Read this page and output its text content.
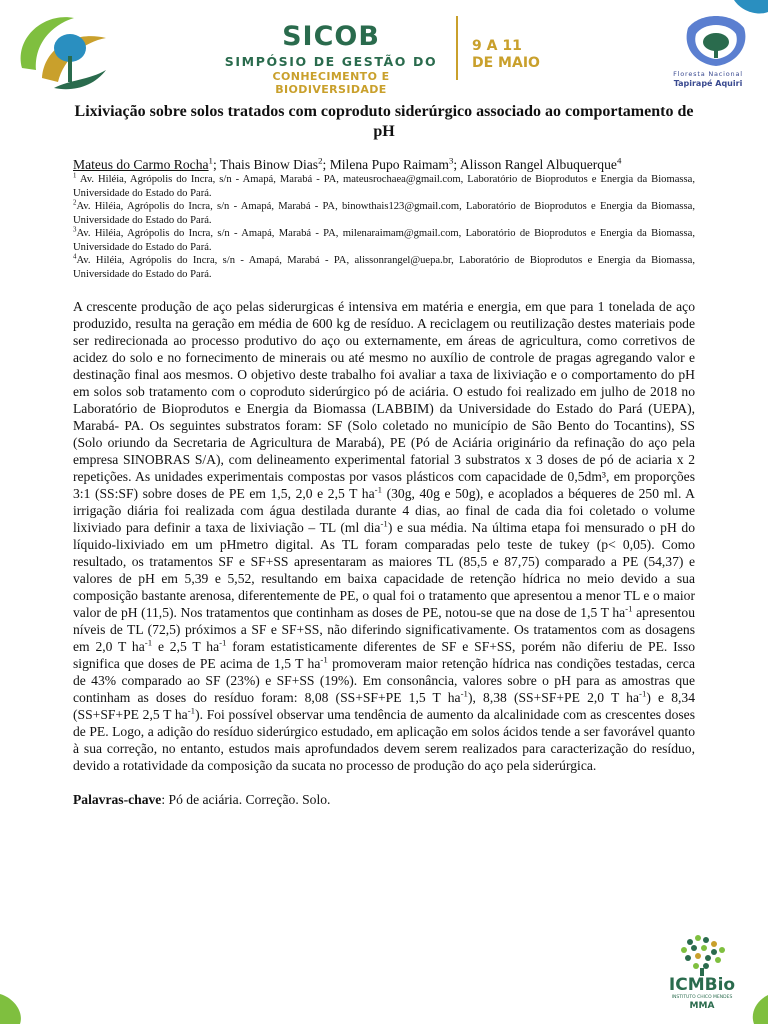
SICOB
SIMPÓSIO DE GESTÃO DO
CONHECIMENTO E BIODIVERSIDADE
9 A 11
DE MAIO
Floresta Nacional
Tapirapé Aquiri
Lixiviação sobre solos tratados com coproduto siderúrgico associado ao comportamento de pH
Mateus do Carmo Rocha$^1$; Thais Binow Dias$^2$; Milena Pupo Raimam$^3$; Alisson Rangel Albuquerque$^4$
$^1$ Av. Hiléia, Agrópolis do Incra, s/n - Amapá, Marabá - PA, mateusrochaea@gmail.com, Laboratório de Bioprodutos e Energia da Biomassa, Universidade do Estado do Pará.
$^2$Av. Hiléia, Agrópolis do Incra, s/n - Amapá, Marabá - PA, binowthais123@gmail.com, Laboratório de Bioprodutos e Energia da Biomassa, Universidade do Estado do Pará.
$^3$Av. Hiléia, Agrópolis do Incra, s/n - Amapá, Marabá - PA, milenaraimam@gmail.com, Laboratório de Bioprodutos e Energia da Biomassa, Universidade do Estado do Pará.
$^4$Av. Hiléia, Agrópolis do Incra, s/n - Amapá, Marabá - PA, alissonrangel@uepa.br, Laboratório de Bioprodutos e Energia da Biomassa, Universidade do Estado do Pará.
A crescente produção de aço pelas siderurgicas é intensiva em matéria e energia, em que para 1 tonelada de aço produzido, resulta na geração em média de 600 kg de resíduo. A reciclagem ou reutilização destes materiais pode ser redirecionada ao processo produtivo do aço ou externamente, em áreas de agricultura, como corretivos de acidez do solo e no fornecimento de minerais ou até mesmo no auxílio de controle de pragas agregando valor e destinação final aos mesmos. O objetivo deste trabalho foi avaliar a taxa de lixiviação e o comportamento do pH em solos sob tratamento com o coproduto siderúrgico pó de aciária. O estudo foi realizado em julho de 2018 no Laboratório de Bioprodutos e Energia da Biomassa (LABBIM) da Universidade do Estado do Pará (UEPA), Marabá- PA. Os seguintes substratos foram: SF (Solo coletado no município de São Bento do Tocantins), SS (Solo oriundo da Secretaria de Agricultura de Marabá), PE (Pó de Aciária originário da refinação do aço pela empresa SINOBRAS S/A), com delineamento experimental fatorial 3 substratos x 3 doses de pó de aciaria x 2 repetições. As unidades experimentais compostas por vasos plásticos com capacidade de 0,5dm³, em proporções 3:1 (SS:SF) sobre doses de PE em 1,5, 2,0 e 2,5 T $ha^{-1}$ (30g, 40g e 50g), e acoplados a béqueres de 250 ml. A irrigação diária foi realizada com água destilada durante 4 dias, ao final de cada dia foi coletado o volume lixiviado para definir a taxa de lixiviação – TL (ml dia$^{-1}$) e sua média. Na última etapa foi mensurado o pH do líquido-lixiviado em um pHmetro digital. As TL foram comparadas pelo teste de tukey (p< 0,05). Como resultado, os tratamentos SF e SF+SS apresentaram as maiores TL (85,5 e 87,75) comparado a PE (54,37) e valores de pH em 5,39 e 5,52, resultando em baixa capacidade de retenção hídrica no meio devido a sua composição bastante arenosa, diferentemente de PE, o qual foi o tratamento que apresentou a menor TL e o maior valor de pH (11,5). Nos tratamentos que continham as doses de PE, notou-se que na dose de 1,5 T $ha^{-1}$ apresentou níveis de TL (72,5) próximos a SF e SF+SS, não diferindo significativamente. Os tratamentos com as dosagens em 2,0 T $ha^{-1}$ e 2,5 T $ha^{-1}$ foram estatisticamente diferentes de SF e SF+SS, porém não diferiu de PE. Isso significa que doses de PE acima de 1,5 T $ha^{-1}$ promoveram maior retenção hídrica nas condições testadas, cerca de 43% comparado ao SF (23%) e SF+SS (19%). Em consonância, valores sobre o pH para as amostras que continham as doses do resíduo foram: 8,08 (SS+SF+PE 1,5 T $ha^{-1}$), 8,38 (SS+SF+PE 2,0 T $ha^{-1}$) e 8,34 (SS+SF+PE 2,5 T $ha^{-1}$). Foi possível observar uma tendência de aumento da alcalinidade com as crescentes doses de PE. Logo, a adição do resíduo siderúrgico estudado, em aplicação em solos ácidos tende a ser favorável quanto à sua correção, no entanto, estudos mais aprofundados devem serem realizados para caracterização do resíduo, devido a rotatividade da composição da sucata no processo de produção do aço pela siderúrgica.
Palavras-chave: Pó de aciária. Correção. Solo.
ICMBio
INSTITUTO CHICO MENDES
MMA
